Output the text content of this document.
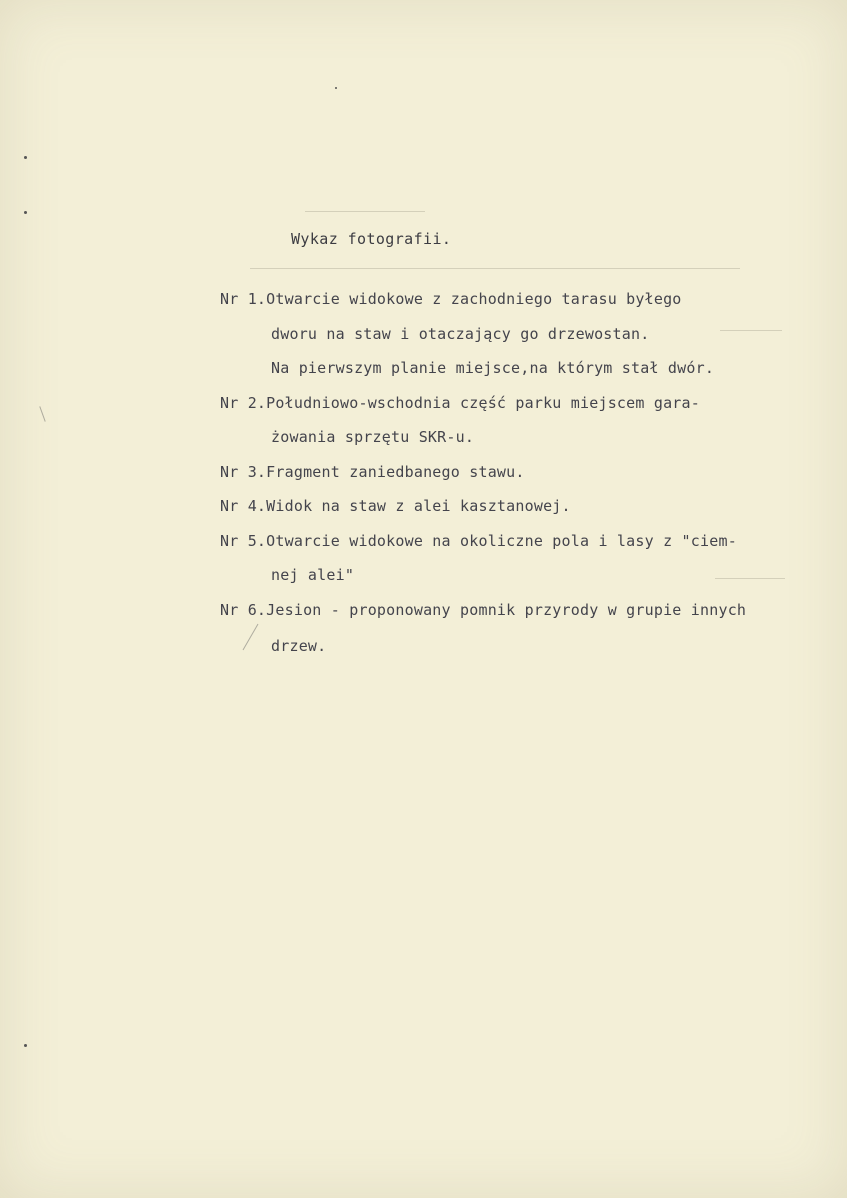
Wykaz fotografii.
Nr 1.Otwarcie widokowe z zachodniego tarasu byłego
dworu na staw i otaczający go drzewostan.
Na pierwszym planie miejsce,na którym stał dwór.
Nr 2.Południowo-wschodnia część parku miejscem gara-
żowania sprzętu SKR-u.
Nr 3.Fragment zaniedbanego stawu.
Nr 4.Widok na staw z alei kasztanowej.
Nr 5.Otwarcie widokowe na okoliczne pola i lasy z "ciem-
nej alei"
Nr 6.Jesion - proponowany pomnik przyrody w grupie innych
drzew.
